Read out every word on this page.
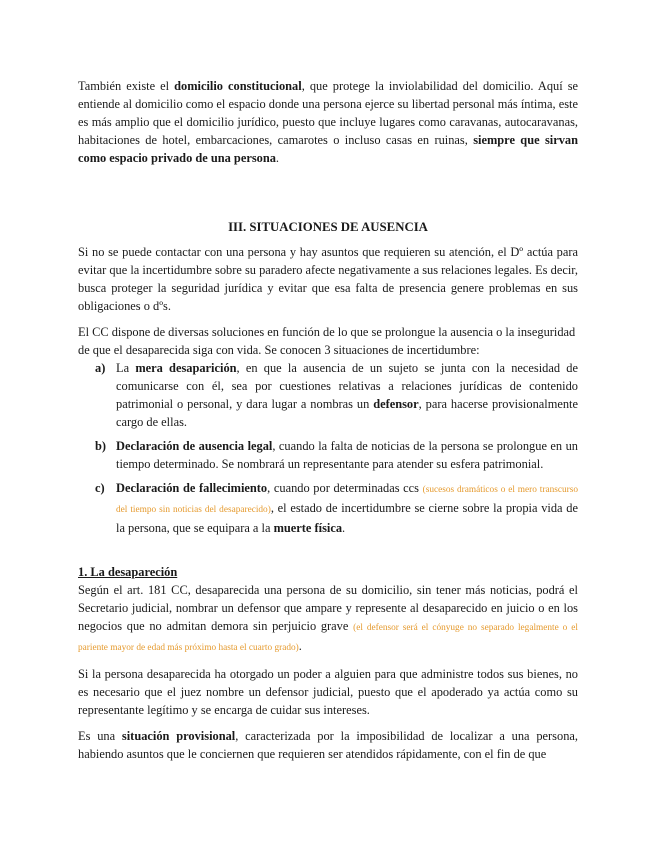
También existe el domicilio constitucional, que protege la inviolabilidad del domicilio. Aquí se entiende al domicilio como el espacio donde una persona ejerce su libertad personal más íntima, este es más amplio que el domicilio jurídico, puesto que incluye lugares como caravanas, autocaravanas, habitaciones de hotel, embarcaciones, camarotes o incluso casas en ruinas, siempre que sirvan como espacio privado de una persona.

III. SITUACIONES DE AUSENCIA

Si no se puede contactar con una persona y hay asuntos que requieren su atención, el Dº actúa para evitar que la incertidumbre sobre su paradero afecte negativamente a sus relaciones legales. Es decir, busca proteger la seguridad jurídica y evitar que esa falta de presencia genere problemas en sus obligaciones o dºs.

El CC dispone de diversas soluciones en función de lo que se prolongue la ausencia o la inseguridad de que el desaparecida siga con vida. Se conocen 3 situaciones de incertidumbre:

a) La mera desaparición, en que la ausencia de un sujeto se junta con la necesidad de comunicarse con él, sea por cuestiones relativas a relaciones jurídicas de contenido patrimonial o personal, y dara lugar a nombras un defensor, para hacerse provisionalmente cargo de ellas.

b) Declaración de ausencia legal, cuando la falta de noticias de la persona se prolongue en un tiempo determinado. Se nombrará un representante para atender su esfera patrimonial.

c) Declaración de fallecimiento, cuando por determinadas ccs (sucesos dramáticos o el mero transcurso del tiempo sin noticias del desaparecido), el estado de incertidumbre se cierne sobre la propia vida de la persona, que se equipara a la muerte física.

1. La desapareción

Según el art. 181 CC, desaparecida una persona de su domicilio, sin tener más noticias, podrá el Secretario judicial, nombrar un defensor que ampare y represente al desaparecido en juicio o en los negocios que no admitan demora sin perjuicio grave (el defensor será el cónyuge no separado legalmente o el pariente mayor de edad más próximo hasta el cuarto grado).

Si la persona desaparecida ha otorgado un poder a alguien para que administre todos sus bienes, no es necesario que el juez nombre un defensor judicial, puesto que el apoderado ya actúa como su representante legítimo y se encarga de cuidar sus intereses.

Es una situación provisional, caracterizada por la imposibilidad de localizar a una persona, habiendo asuntos que le conciernen que requieren ser atendidos rápidamente, con el fin de que
